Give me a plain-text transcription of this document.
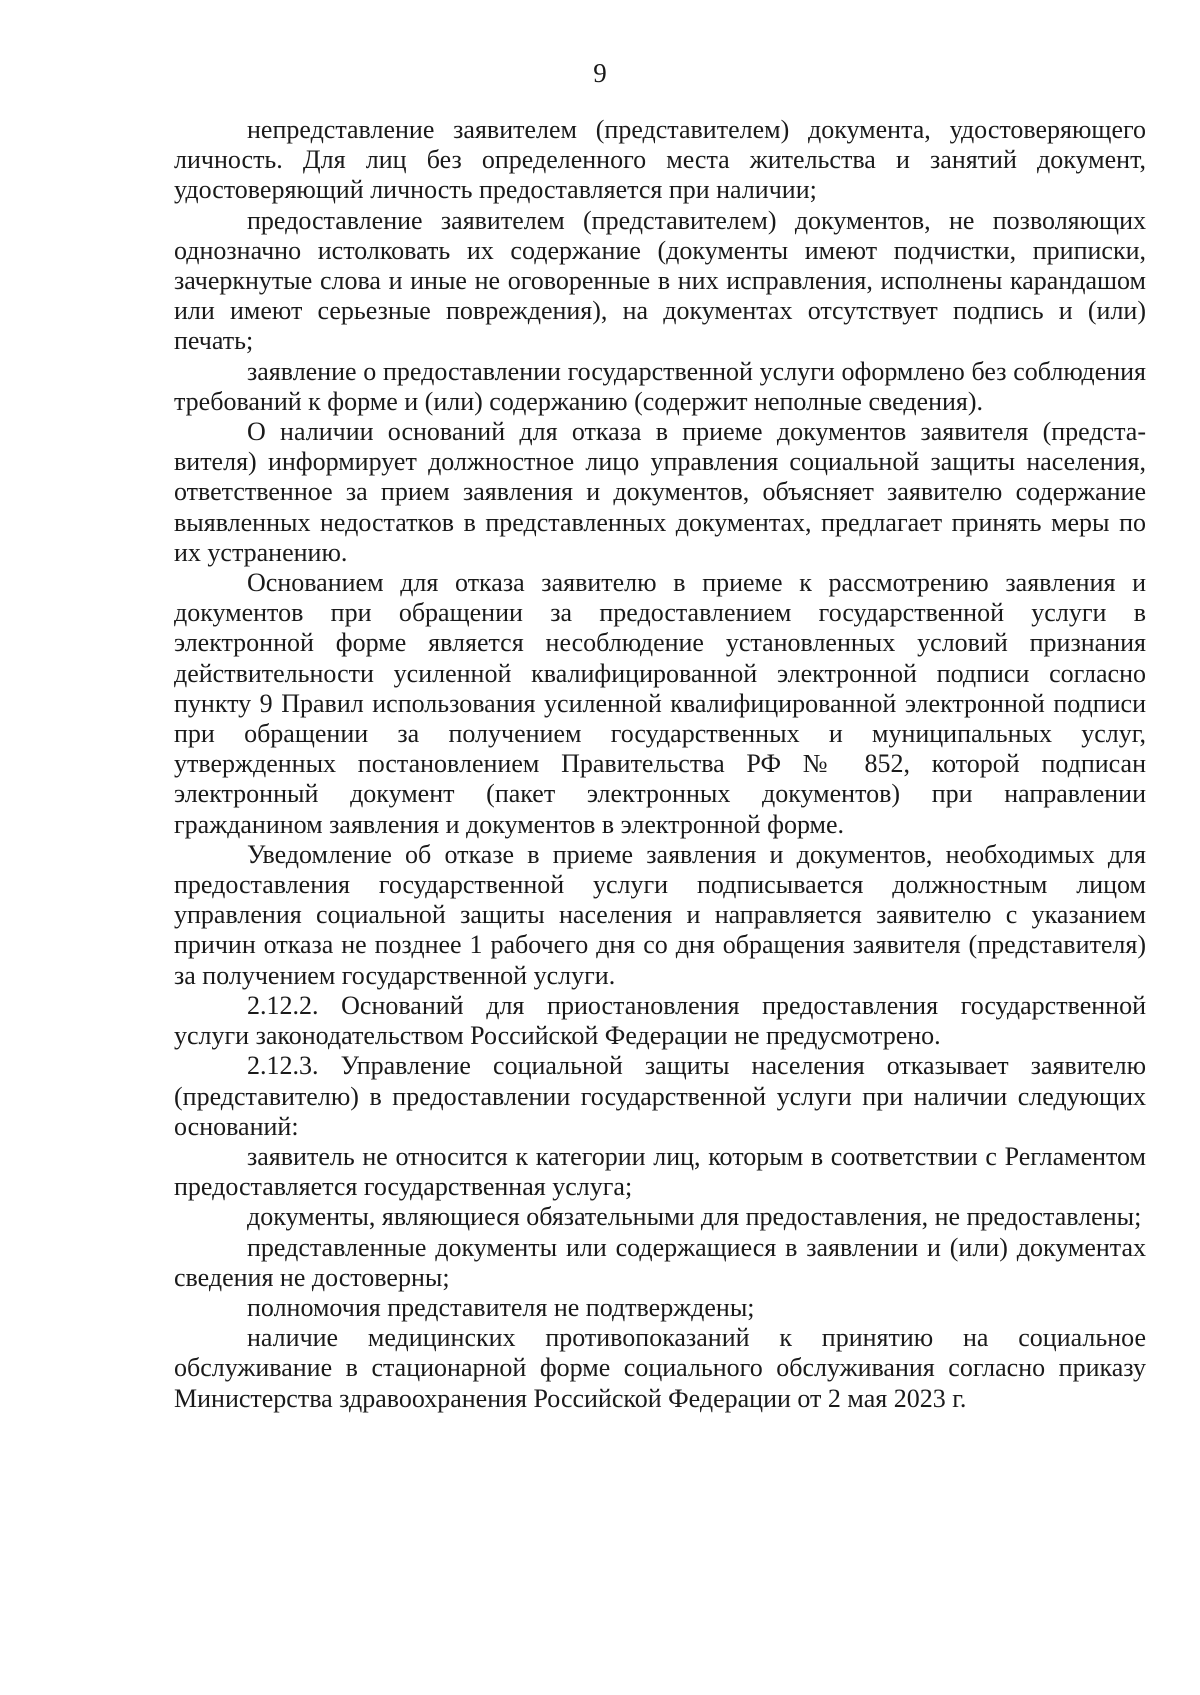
9

непредставление заявителем (представителем) документа, удостоверяющего личность. Для лиц без определенного места жительства и занятий документ, удостоверяющий личность предоставляется при наличии;

предоставление заявителем (представителем) документов, не позволяющих однозначно истолковать их содержание (документы имеют подчистки, приписки, зачеркнутые слова и иные не оговоренные в них исправления, исполнены карандашом или имеют серьезные повреждения), на документах отсутствует подпись и (или) печать;

заявление о предоставлении государственной услуги оформлено без соблюдения требований к форме и (или) содержанию (содержит неполные сведения).

О наличии оснований для отказа в приеме документов заявителя (представителя) информирует должностное лицо управления социальной защиты населения, ответственное за прием заявления и документов, объясняет заявителю содержание выявленных недостатков в представленных документах, предлагает принять меры по их устранению.

Основанием для отказа заявителю в приеме к рассмотрению заявления и документов при обращении за предоставлением государственной услуги в электронной форме является несоблюдение установленных условий признания действительности усиленной квалифицированной электронной подписи согласно пункту 9 Правил использования усиленной квалифицированной электронной подписи при обращении за получением государственных и муниципальных услуг, утвержденных постановлением Правительства РФ № 852, которой подписан электронный документ (пакет электронных документов) при направлении гражданином заявления и документов в электронной форме.

Уведомление об отказе в приеме заявления и документов, необходимых для предоставления государственной услуги подписывается должностным лицом управления социальной защиты населения и направляется заявителю с указанием причин отказа не позднее 1 рабочего дня со дня обращения заявителя (представителя) за получением государственной услуги.

2.12.2. Оснований для приостановления предоставления государственной услуги законодательством Российской Федерации не предусмотрено.

2.12.3. Управление социальной защиты населения отказывает заявителю (представителю) в предоставлении государственной услуги при наличии следующих оснований:

заявитель не относится к категории лиц, которым в соответствии с Регламентом предоставляется государственная услуга;

документы, являющиеся обязательными для предоставления, не предоставлены;

представленные документы или содержащиеся в заявлении и (или) документах сведения не достоверны;

полномочия представителя не подтверждены;

наличие медицинских противопоказаний к принятию на социальное обслуживание в стационарной форме социального обслуживания согласно приказу Министерства здравоохранения Российской Федерации от 2 мая 2023 г.
